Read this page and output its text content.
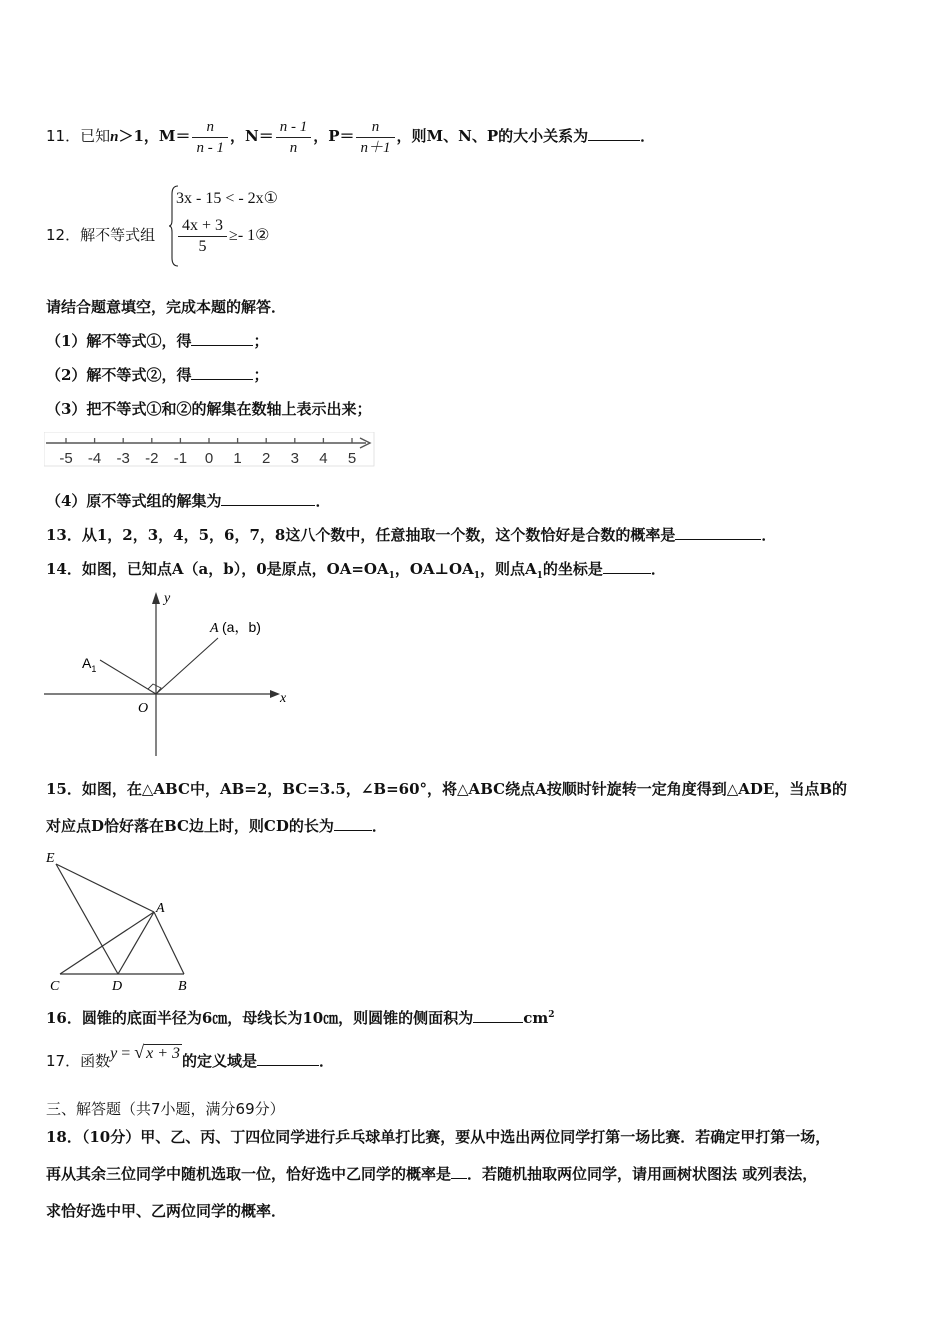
11．已知n＞1，$M= \frac{n}{n - 1}$ ，$N= \frac{n - 1}{n}$ ，$P= \frac{n}{n+1}$ ，则M、N、P的大小关系为	．
12．解不等式组
3x - 15 < - 2x①
$\frac{4x + 3}{5}$ ≥- 1②
请结合题意填空，完成本题的解答．
（1）解不等式①，得	；
（2）解不等式②，得	；
（3）把不等式①和②的解集在数轴上表示出来；
-5 -4 -3 -2 -1 0 1 2 3 4 5
（4）原不等式组的解集为	．
13．从1，2，3，4，5，6，7，8这八个数中，任意抽取一个数，这个数恰好是合数的概率是	．
14．如图，已知点A（a，b），0是原点，$OA=OA_1$，$OA\perp OA_1$，则点$A_1$的坐标是	．
y
x
O
A (a，b)
$A_1$
15．如图，在△ABC中，AB=2，BC=3.5，∠B=60°，将△ABC绕点A按顺时针旋转一定角度得到△ADE，当点B的
对应点D恰好落在BC边上时，则CD的长为	．
E
A
C	D	B
16．圆锥的底面半径为6㎝，母线长为10㎝，则圆锥的侧面积为	$cm^2$
17．函数y = √ x + 3 的定义域是	．
三、解答题（共7小题，满分69分）
18．（10分）甲、乙、丙、丁四位同学进行乒乓球单打比赛，要从中选出两位同学打第一场比赛．若确定甲打第一场，
再从其余三位同学中随机选取一位，恰好选中乙同学的概率是 ．若随机抽取两位同学，请用画树状图法 或列表法，
求恰好选中甲、乙两位同学的概率．
